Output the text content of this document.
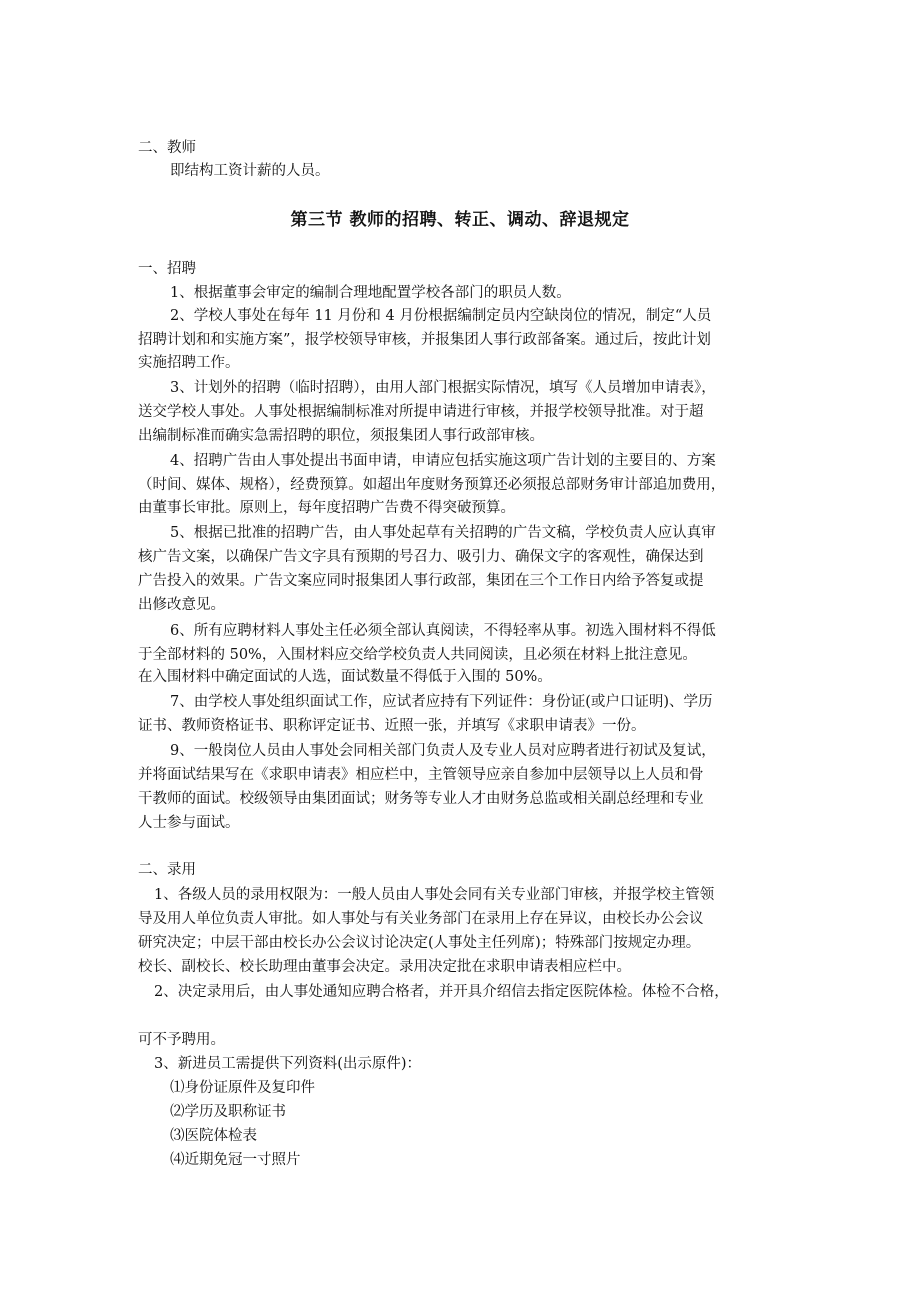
二、教师
即结构工资计薪的人员。
第三节 教师的招聘、转正、调动、辞退规定
一、招聘
1、根据董事会审定的编制合理地配置学校各部门的职员人数。
2、学校人事处在每年 11 月份和 4 月份根据编制定员内空缺岗位的情况，制定“人员
招聘计划和和实施方案”，报学校领导审核，并报集团人事行政部备案。通过后，按此计划
实施招聘工作。
3、计划外的招聘（临时招聘），由用人部门根据实际情况，填写《人员增加申请表》，
送交学校人事处。人事处根据编制标准对所提申请进行审核，并报学校领导批准。对于超
出编制标准而确实急需招聘的职位，须报集团人事行政部审核。
4、招聘广告由人事处提出书面申请，申请应包括实施这项广告计划的主要目的、方案
（时间、媒体、规格），经费预算。如超出年度财务预算还必须报总部财务审计部追加费用，
由董事长审批。原则上，每年度招聘广告费不得突破预算。
5、根据已批准的招聘广告，由人事处起草有关招聘的广告文稿，学校负责人应认真审
核广告文案，以确保广告文字具有预期的号召力、吸引力、确保文字的客观性，确保达到
广告投入的效果。广告文案应同时报集团人事行政部，集团在三个工作日内给予答复或提
出修改意见。
6、所有应聘材料人事处主任必须全部认真阅读，不得轻率从事。初选入围材料不得低
于全部材料的 50%，入围材料应交给学校负责人共同阅读，且必须在材料上批注意见。
在入围材料中确定面试的人选，面试数量不得低于入围的 50%。
7、由学校人事处组织面试工作，应试者应持有下列证件：身份证(或户口证明)、学历
证书、教师资格证书、职称评定证书、近照一张，并填写《求职申请表》一份。
9、一般岗位人员由人事处会同相关部门负责人及专业人员对应聘者进行初试及复试，
并将面试结果写在《求职申请表》相应栏中，主管领导应亲自参加中层领导以上人员和骨
干教师的面试。校级领导由集团面试；财务等专业人才由财务总监或相关副总经理和专业
人士参与面试。
二、录用
1、各级人员的录用权限为：一般人员由人事处会同有关专业部门审核，并报学校主管领
导及用人单位负责人审批。如人事处与有关业务部门在录用上存在异议，由校长办公会议
研究决定；中层干部由校长办公会议讨论决定(人事处主任列席)；特殊部门按规定办理。
校长、副校长、校长助理由董事会决定。录用决定批在求职申请表相应栏中。
2、决定录用后，由人事处通知应聘合格者，并开具介绍信去指定医院体检。体检不合格，
可不予聘用。
3、新进员工需提供下列资料(出示原件)：
⑴身份证原件及复印件
⑵学历及职称证书
⑶医院体检表
⑷近期免冠一寸照片
